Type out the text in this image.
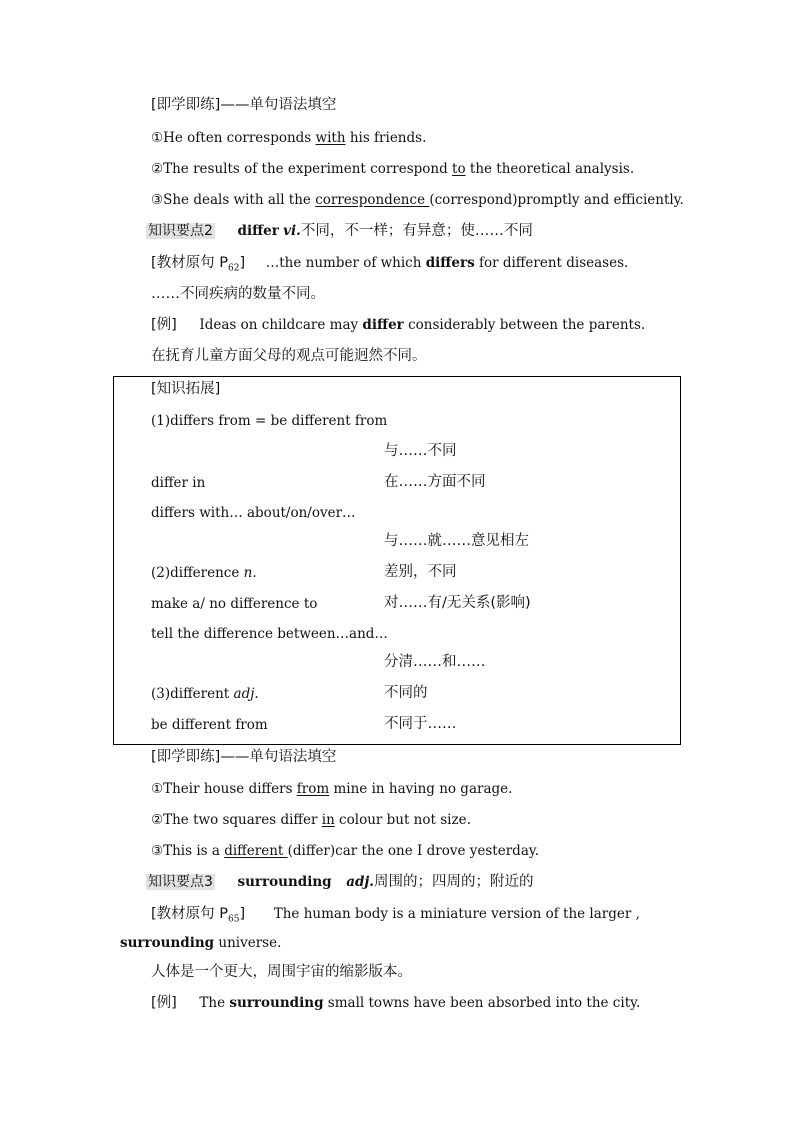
[即学即练]——单句语法填空
①He often corresponds with his friends.
②The results of the experiment correspond to the theoretical analysis.
③She deals with all the correspondence (correspond)promptly and efficiently.
知识要点2 differ vi.不同，不一样；有异意；使……不同
[教材原句 $P_{62}$] …the number of which differs for different diseases.
……不同疾病的数量不同。
[例] Ideas on childcare may differ considerably between the parents.
在抚育儿童方面父母的观点可能迥然不同。
[知识拓展]
(1)differs from = be different from
与……不同
differ in	在……方面不同
differs with… about/on/over…
与……就……意见相左
(2)difference n.	差别，不同
make a/ no difference to	对……有/无关系(影响)
tell the difference between…and…
分清……和……
(3)different adj.	不同的
be different from	不同于……
[即学即练]——单句语法填空
①Their house differs from mine in having no garage.
②The two squares differ in colour but not size.
③This is a different (differ)car the one I drove yesterday.
知识要点3 surrounding adj.周围的；四周的；附近的
[教材原句 $P_{65}$] The human body is a miniature version of the larger ,
surrounding universe.
人体是一个更大，周围宇宙的缩影版本。
[例] The surrounding small towns have been absorbed into the city.
